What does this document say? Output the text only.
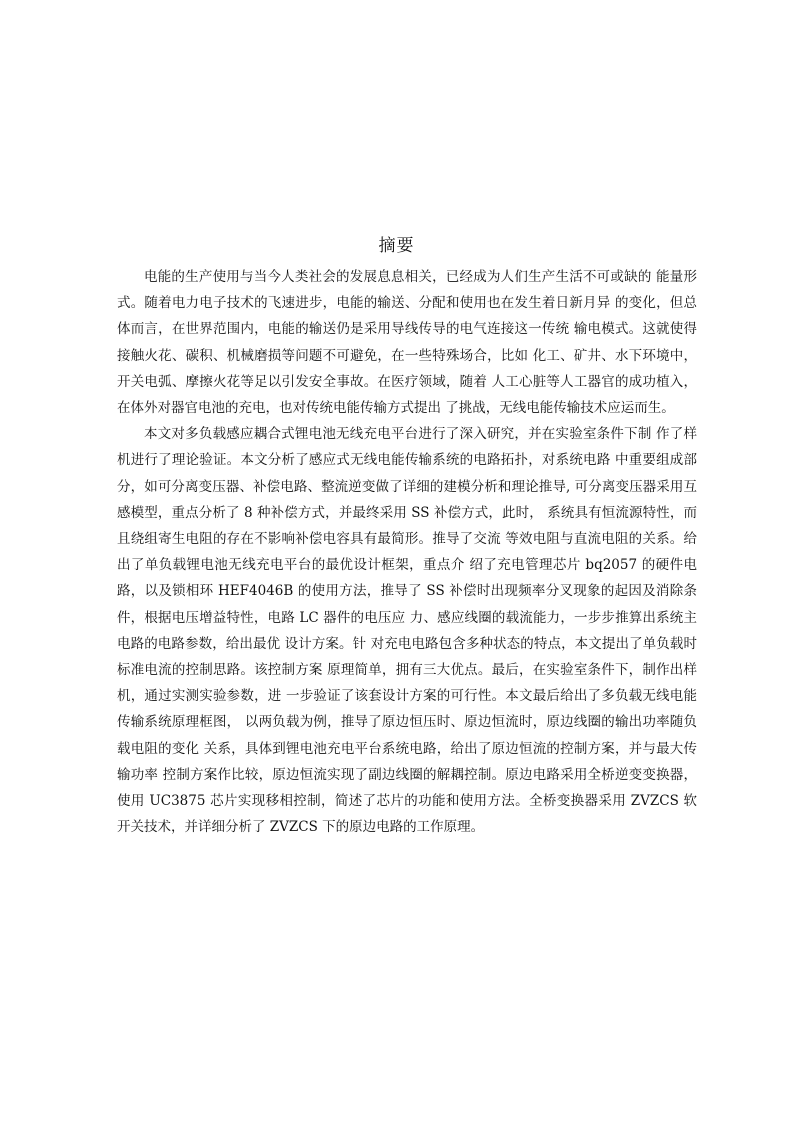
摘要

电能的生产使用与当今人类社会的发展息息相关，已经成为人们生产生活不可或缺的 能量形式。随着电力电子技术的飞速进步，电能的输送、分配和使用也在发生着日新月异 的变化，但总体而言，在世界范围内，电能的输送仍是采用导线传导的电气连接这一传统 输电模式。这就使得接触火花、碳积、机械磨损等问题不可避免，在一些特殊场合，比如 化工、矿井、水下环境中，开关电弧、摩擦火花等足以引发安全事故。在医疗领域，随着 人工心脏等人工器官的成功植入，在体外对器官电池的充电，也对传统电能传输方式提出 了挑战，无线电能传输技术应运而生。

本文对多负载感应耦合式锂电池无线充电平台进行了深入研究，并在实验室条件下制 作了样机进行了理论验证。本文分析了感应式无线电能传输系统的电路拓扑，对系统电路 中重要组成部分，如可分离变压器、补偿电路、整流逆变做了详细的建模分析和理论推导, 可分离变压器采用互感模型，重点分析了 8 种补偿方式，并最终采用 SS 补偿方式，此时， 系统具有恒流源特性，而且绕组寄生电阻的存在不影响补偿电容具有最简形。推导了交流 等效电阻与直流电阻的关系。给出了单负载锂电池无线充电平台的最优设计框架，重点介 绍了充电管理芯片 bq2057 的硬件电路，以及锁相环 HEF4046B 的使用方法，推导了 SS 补偿时出现频率分叉现象的起因及消除条件，根据电压增益特性，电路 LC 器件的电压应 力、感应线圈的载流能力，一步步推算出系统主电路的电路参数，给出最优 设计方案。针 对充电电路包含多种状态的特点，本文提出了单负载时标准电流的控制思路。该控制方案 原理简单，拥有三大优点。最后，在实验室条件下，制作出样机，通过实测实验参数，进 一步验证了该套设计方案的可行性。本文最后给出了多负载无线电能传输系统原理框图， 以两负载为例，推导了原边恒压时、原边恒流时，原边线圈的输出功率随负载电阻的变化 关系，具体到锂电池充电平台系统电路，给出了原边恒流的控制方案，并与最大传输功率 控制方案作比较，原边恒流实现了副边线圈的解耦控制。原边电路采用全桥逆变变换器， 使用 UC3875 芯片实现移相控制，简述了芯片的功能和使用方法。全桥变换器采用 ZVZCS 软开关技术，并详细分析了 ZVZCS 下的原边电路的工作原理。
